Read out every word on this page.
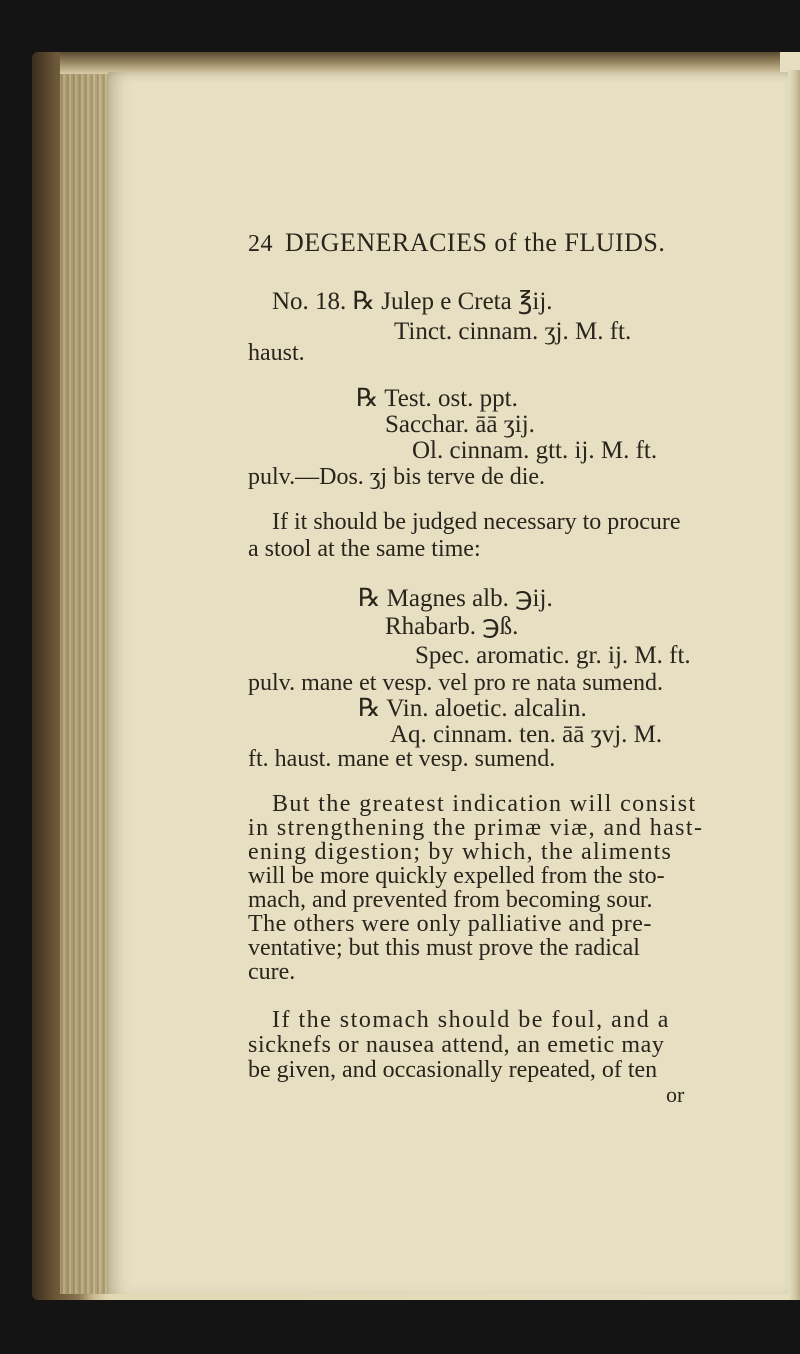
24 DEGENERACIES of the FLUIDS.
No. 18. ℞ Julep e Creta ℥ij.
Tinct. cinnam. ʒj. M. ft.
haust.
℞ Test. ost. ppt.
Sacchar. āā ʒij.
Ol. cinnam. gtt. ij. M. ft.
pulv.—Dos. ʒj bis terve de die.
If it should be judged necessary to procure
a stool at the same time:
℞ Magnes alb. ℈ij.
Rhabarb. ℈ß.
Spec. aromatic. gr. ij. M. ft.
pulv. mane et vesp. vel pro re nata sumend.
℞ Vin. aloetic. alcalin.
Aq. cinnam. ten. āā ʒvj. M.
ft. haust. mane et vesp. sumend.
But the greatest indication will consist
in strengthening the primæ viæ, and hast-
ening digestion; by which, the aliments
will be more quickly expelled from the sto-
mach, and prevented from becoming sour.
The others were only palliative and pre-
ventative; but this must prove the radical
cure.
If the stomach should be foul, and a
sicknefs or nausea attend, an emetic may
be given, and occasionally repeated, of ten
or
